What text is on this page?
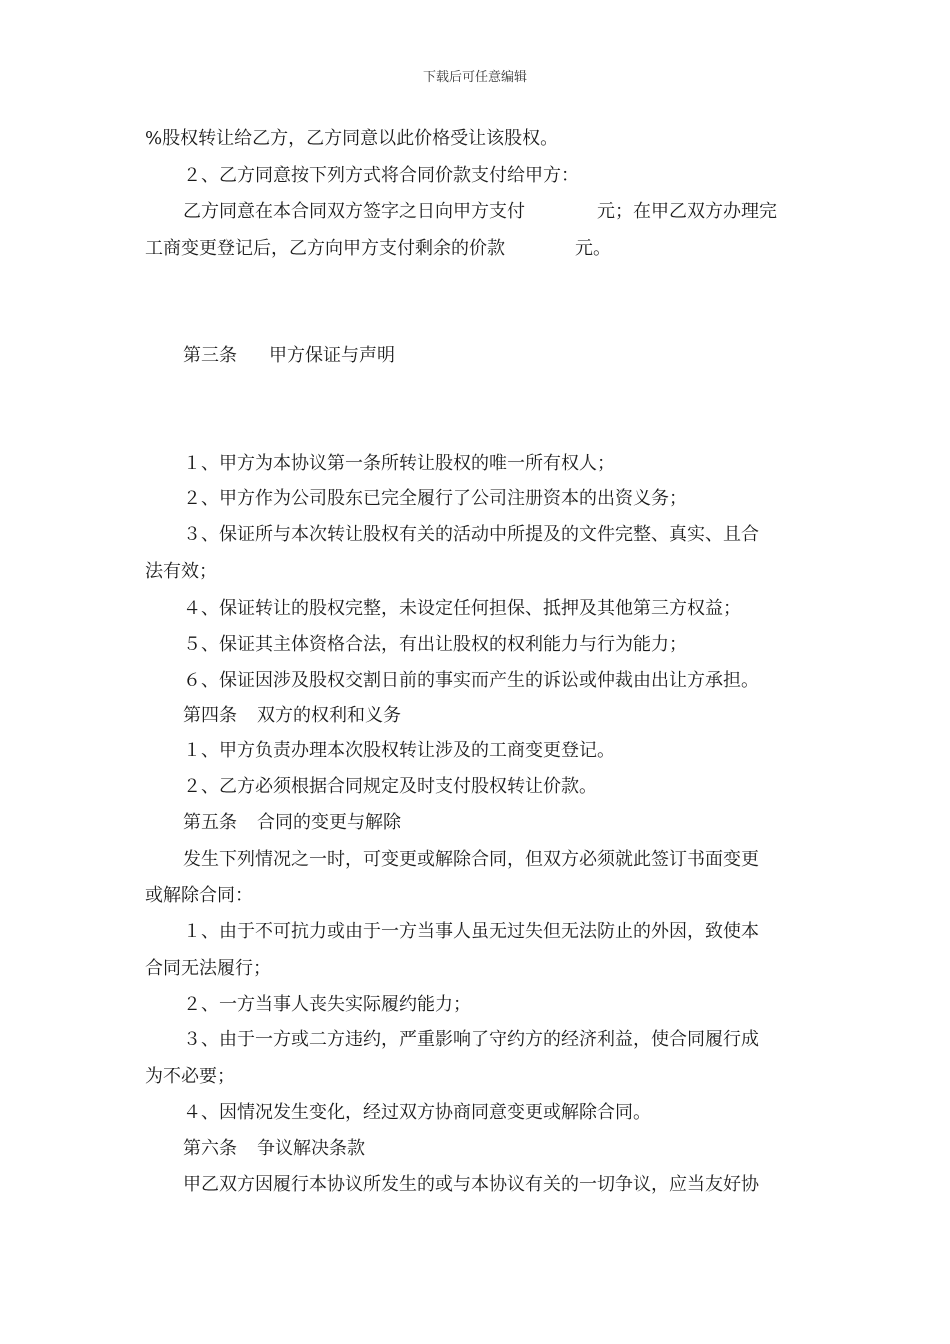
下载后可任意编辑
%股权转让给乙方，乙方同意以此价格受让该股权。
２、乙方同意按下列方式将合同价款支付给甲方：
乙方同意在本合同双方签字之日向甲方支付	元；在甲乙双方办理完
工商变更登记后，乙方向甲方支付剩余的价款	元。
第三条 甲方保证与声明
１、甲方为本协议第一条所转让股权的唯一所有权人；
２、甲方作为公司股东已完全履行了公司注册资本的出资义务；
３、保证所与本次转让股权有关的活动中所提及的文件完整、真实、且合
法有效；
４、保证转让的股权完整，未设定任何担保、抵押及其他第三方权益；
５、保证其主体资格合法，有出让股权的权利能力与行为能力；
６、保证因涉及股权交割日前的事实而产生的诉讼或仲裁由出让方承担。
第四条 双方的权利和义务
１、甲方负责办理本次股权转让涉及的工商变更登记。
２、乙方必须根据合同规定及时支付股权转让价款。
第五条 合同的变更与解除
发生下列情况之一时，可变更或解除合同，但双方必须就此签订书面变更
或解除合同：
１、由于不可抗力或由于一方当事人虽无过失但无法防止的外因，致使本
合同无法履行；
２、一方当事人丧失实际履约能力；
３、由于一方或二方违约，严重影响了守约方的经济利益，使合同履行成
为不必要；
４、因情况发生变化，经过双方协商同意变更或解除合同。
第六条 争议解决条款
甲乙双方因履行本协议所发生的或与本协议有关的一切争议，应当友好协
